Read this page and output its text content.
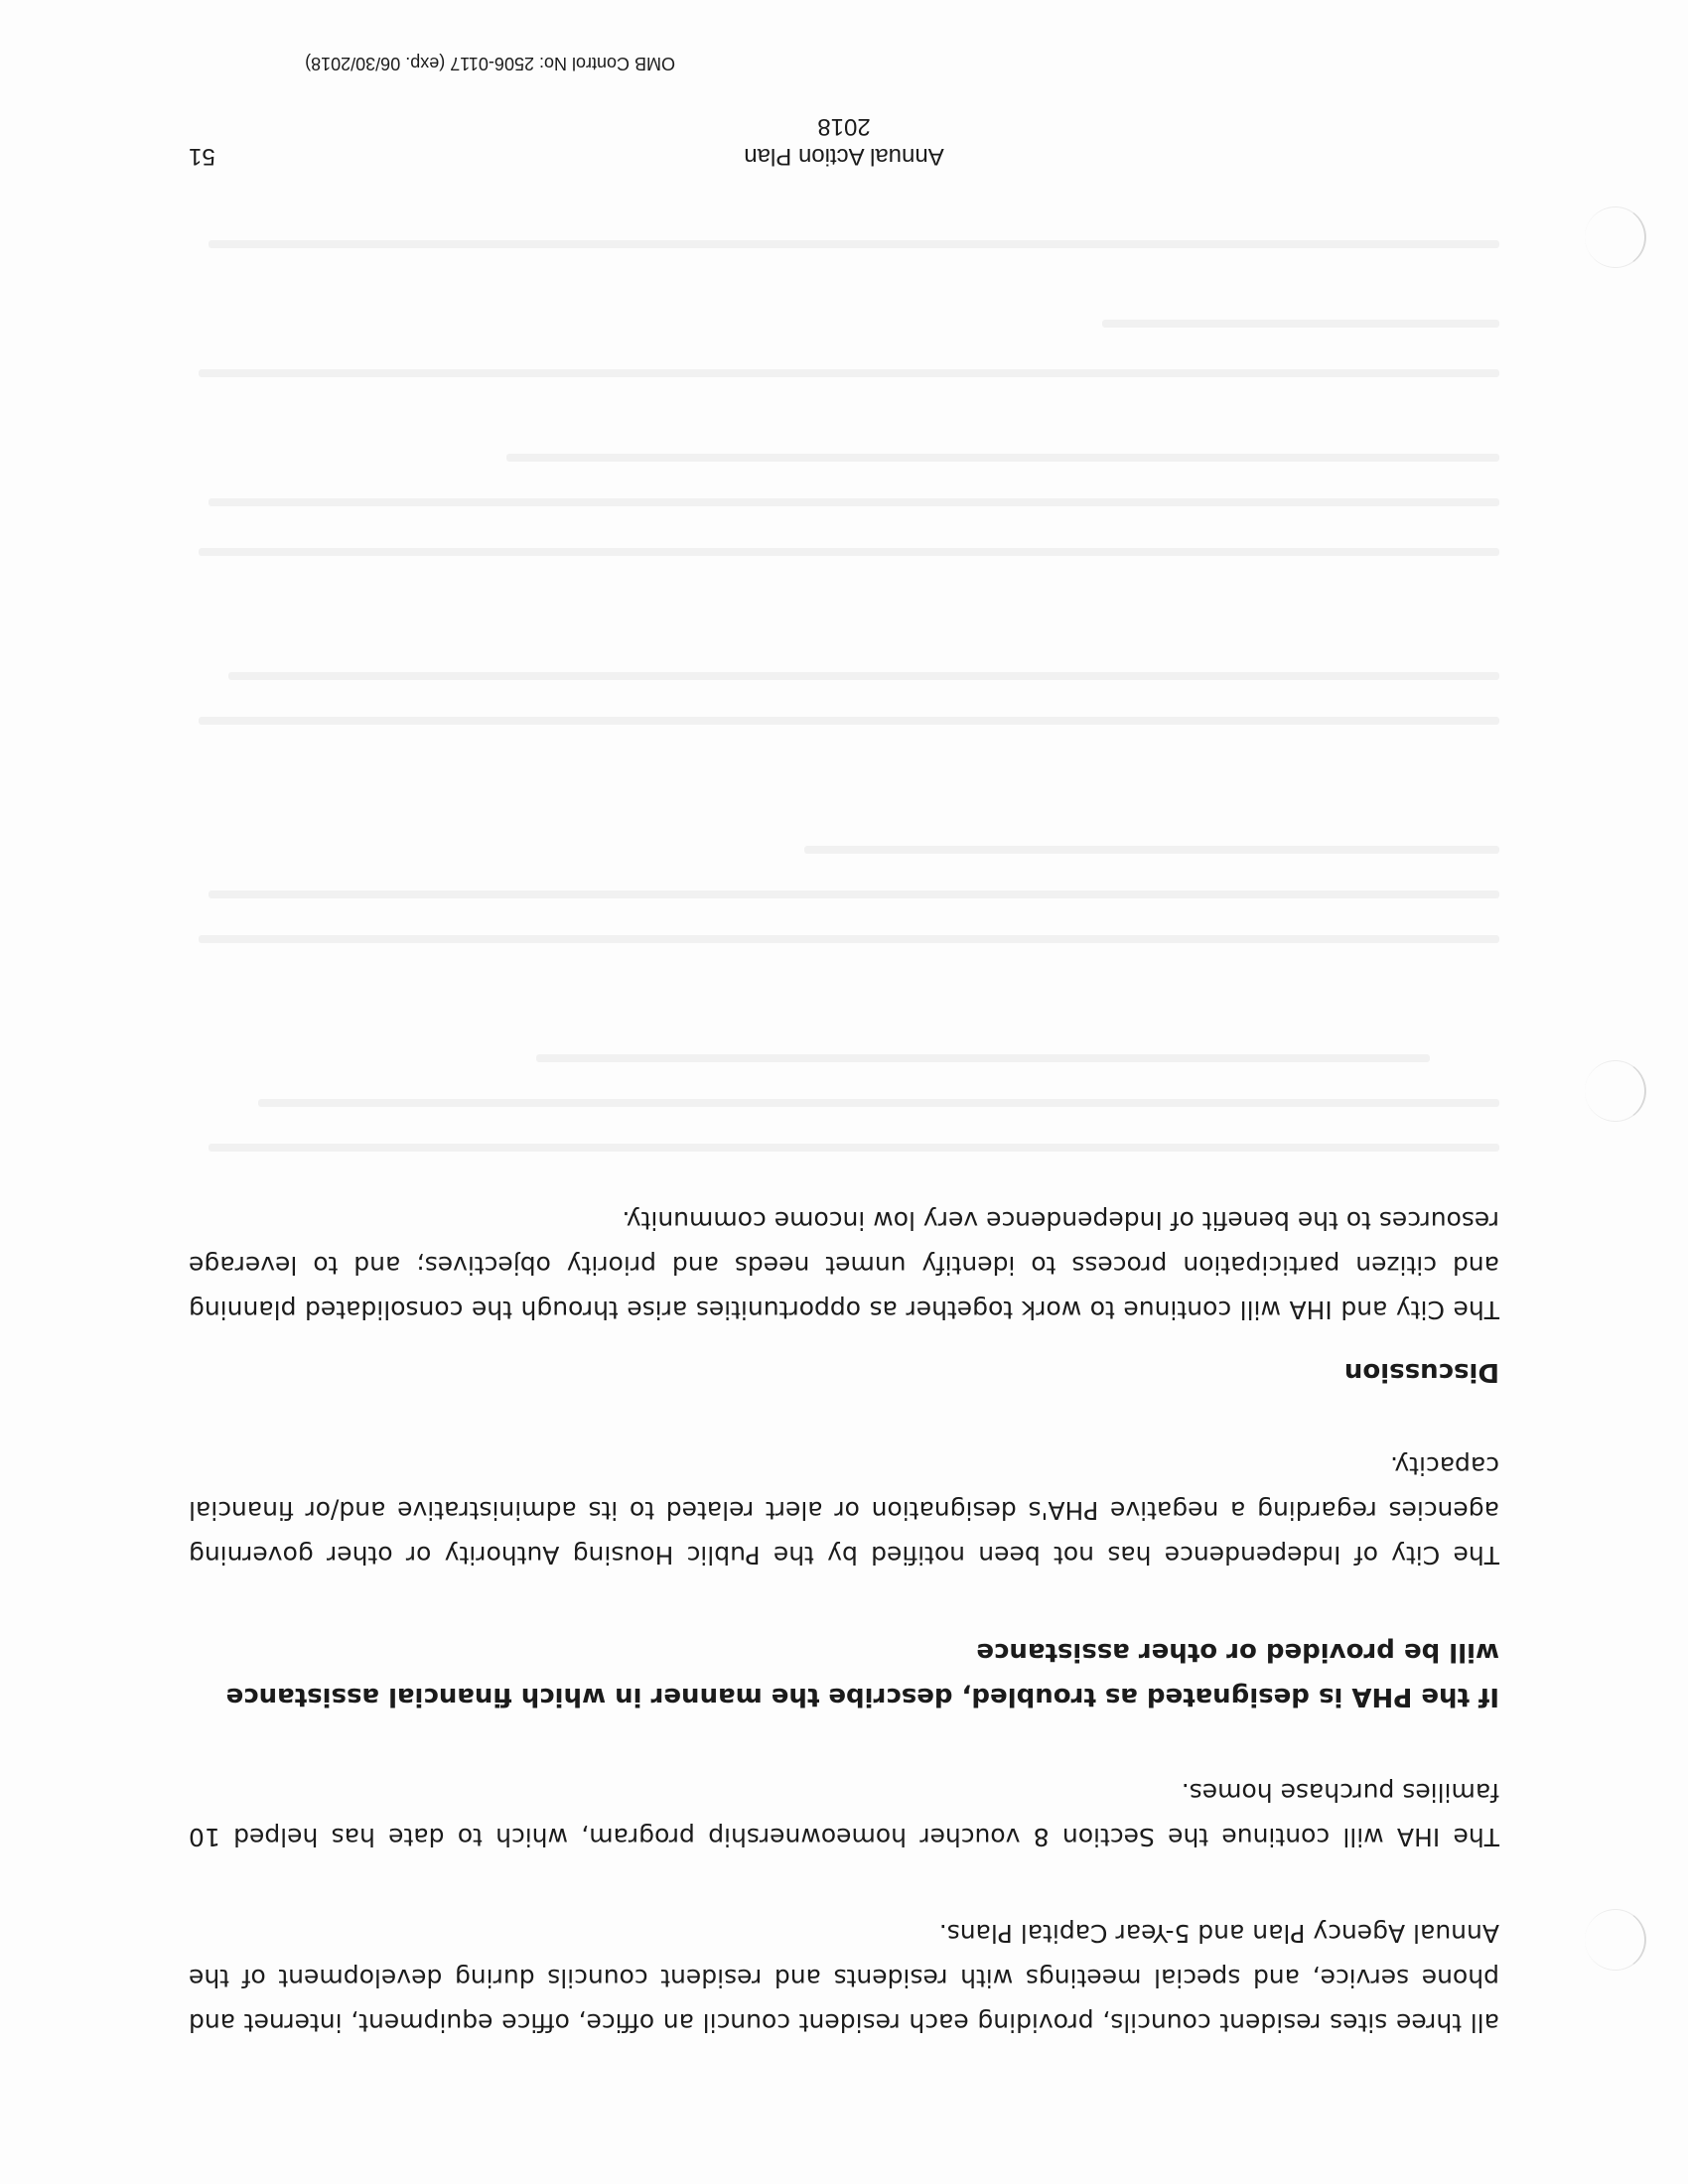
all three sites resident councils, providing each resident council an office, office equipment, internet and phone service, and special meetings with residents and resident councils during development of the Annual Agency Plan and 5-Year Capital Plans.

The IHA will continue the Section 8 voucher homeownership program, which to date has helped 10 families purchase homes.

If the PHA is designated as troubled, describe the manner in which financial assistance will be provided or other assistance

The City of Independence has not been notified by the Public Housing Authority or other governing agencies regarding a negative PHA's designation or alert related to its administrative and/or financial capacity.

Discussion

The City and IHA will continue to work together as opportunities arise through the consolidated planning and citizen participation process to identify unmet needs and priority objectives; and to leverage resources to the benefit of Independence very low income community.

Annual Action Plan
2018
51
OMB Control No: 2506-0117 (exp. 06/30/2018)
